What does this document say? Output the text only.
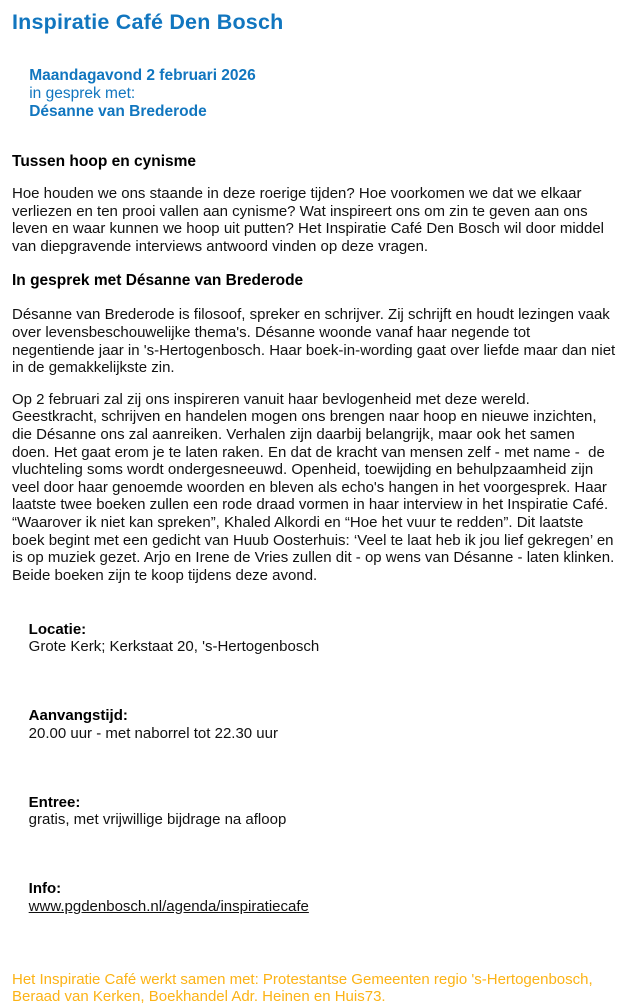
Inspiratie Café Den Bosch

Maandagavond 2 februari 2026
in gesprek met:
Désanne van Brederode

Tussen hoop en cynisme

Hoe houden we ons staande in deze roerige tijden? Hoe voorkomen we dat we elkaar verliezen en ten prooi vallen aan cynisme? Wat inspireert ons om zin te geven aan ons leven en waar kunnen we hoop uit putten? Het Inspiratie Café Den Bosch wil door middel van diepgravende interviews antwoord vinden op deze vragen.

In gesprek met Désanne van Brederode

Désanne van Brederode is filosoof, spreker en schrijver. Zij schrijft en houdt lezingen vaak over levensbeschouwelijke thema's. Désanne woonde vanaf haar negende tot negentiende jaar in 's-Hertogenbosch. Haar boek-in-wording gaat over liefde maar dan niet in de gemakkelijkste zin.

Op 2 februari zal zij ons inspireren vanuit haar bevlogenheid met deze wereld. Geestkracht, schrijven en handelen mogen ons brengen naar hoop en nieuwe inzichten, die Désanne ons zal aanreiken. Verhalen zijn daarbij belangrijk, maar ook het samen doen. Het gaat erom je te laten raken. En dat de kracht van mensen zelf - met name -  de vluchteling soms wordt ondergesneeuwd. Openheid, toewijding en behulpzaamheid zijn veel door haar genoemde woorden en bleven als echo's hangen in het voorgesprek. Haar laatste twee boeken zullen een rode draad vormen in haar interview in het Inspiratie Café. “Waarover ik niet kan spreken”, Khaled Alkordi en “Hoe het vuur te redden”. Dit laatste boek begint met een gedicht van Huub Oosterhuis: ‘Veel te laat heb ik jou lief gekregen’ en is op muziek gezet. Arjo en Irene de Vries zullen dit - op wens van Désanne - laten klinken. Beide boeken zijn te koop tijdens deze avond.

Locatie:
Grote Kerk; Kerkstaat 20, 's-Hertogenbosch

Aanvangstijd:
20.00 uur - met naborrel tot 22.30 uur

Entree:
gratis, met vrijwillige bijdrage na afloop

Info:
www.pgdenbosch.nl/agenda/inspiratiecafe

Het Inspiratie Café werkt samen met: Protestantse Gemeenten regio 's-Hertogenbosch, Beraad van Kerken, Boekhandel Adr. Heinen en Huis73.
